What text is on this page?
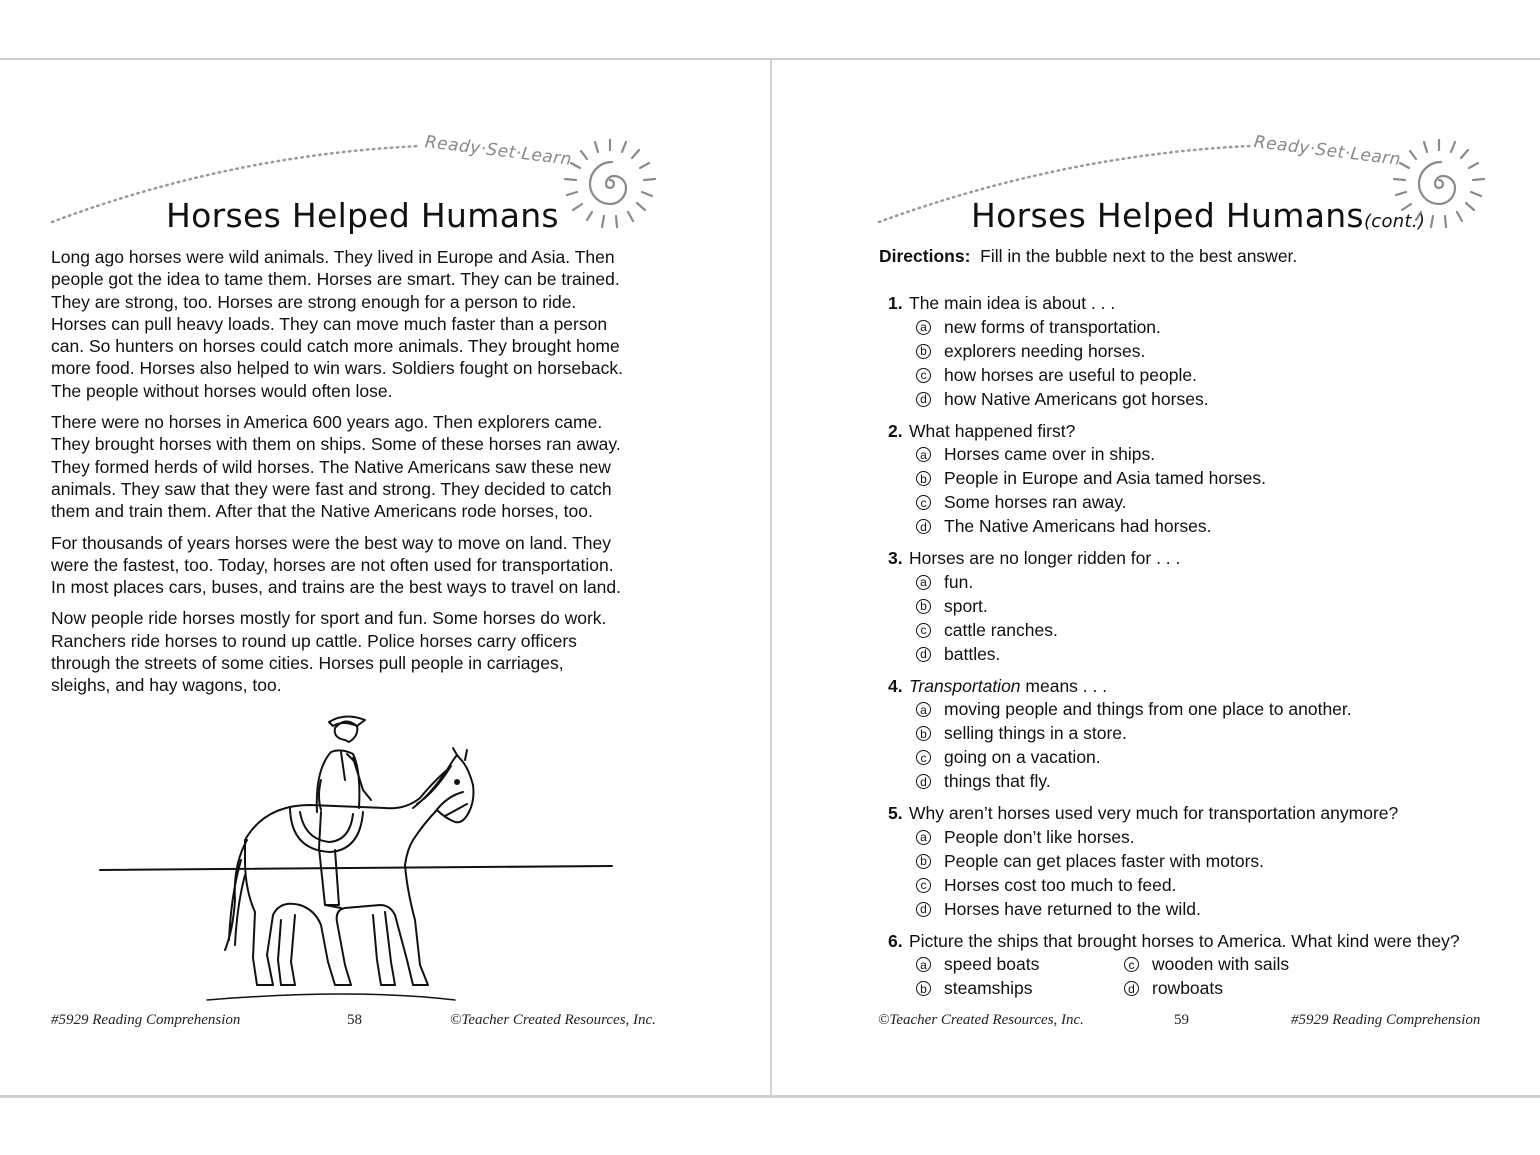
Ready·Set·Learn
Horses Helped Humans

Long ago horses were wild animals. They lived in Europe and Asia. Then
people got the idea to tame them. Horses are smart. They can be trained.
They are strong, too. Horses are strong enough for a person to ride.
Horses can pull heavy loads. They can move much faster than a person
can. So hunters on horses could catch more animals. They brought home
more food. Horses also helped to win wars. Soldiers fought on horseback.
The people without horses would often lose.

There were no horses in America 600 years ago. Then explorers came.
They brought horses with them on ships. Some of these horses ran away.
They formed herds of wild horses. The Native Americans saw these new
animals. They saw that they were fast and strong. They decided to catch
them and train them. After that the Native Americans rode horses, too.

For thousands of years horses were the best way to move on land. They
were the fastest, too. Today, horses are not often used for transportation.
In most places cars, buses, and trains are the best ways to travel on land.

Now people ride horses mostly for sport and fun. Some horses do work.
Ranchers ride horses to round up cattle. Police horses carry officers
through the streets of some cities. Horses pull people in carriages,
sleighs, and hay wagons, too.

#5929 Reading Comprehension	58	©Teacher Created Resources, Inc.
Ready·Set·Learn
Horses Helped Humans(cont.)
Directions: Fill in the bubble next to the best answer.
1. The main idea is about . . .
a new forms of transportation.
b explorers needing horses.
c how horses are useful to people.
d how Native Americans got horses.
2. What happened first?
a Horses came over in ships.
b People in Europe and Asia tamed horses.
c Some horses ran away.
d The Native Americans had horses.
3. Horses are no longer ridden for . . .
a fun.
b sport.
c cattle ranches.
d battles.
4. Transportation means . . .
a moving people and things from one place to another.
b selling things in a store.
c going on a vacation.
d things that fly.
5. Why aren’t horses used very much for transportation anymore?
a People don’t like horses.
b People can get places faster with motors.
c Horses cost too much to feed.
d Horses have returned to the wild.
6. Picture the ships that brought horses to America. What kind were they?
a speed boats	c wooden with sails
b steamships	d rowboats
©Teacher Created Resources, Inc.	59	#5929 Reading Comprehension
